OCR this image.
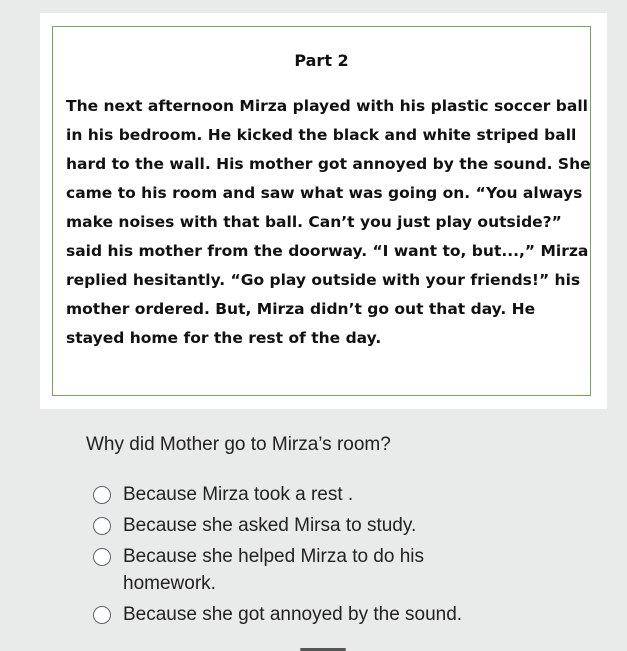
Part 2

The next afternoon Mirza played with his plastic soccer ball in his bedroom. He kicked the black and white striped ball hard to the wall. His mother got annoyed by the sound. She came to his room and saw what was going on. “You always make noises with that ball. Can’t you just play outside?” said his mother from the doorway. “I want to, but...,” Mirza replied hesitantly. “Go play outside with your friends!” his mother ordered. But, Mirza didn’t go out that day. He stayed home for the rest of the day.

Why did Mother go to Mirza’s room?
Because Mirza took a rest .
Because she asked Mirsa to study.
Because she helped Mirza to do his homework.
Because she got annoyed by the sound.
